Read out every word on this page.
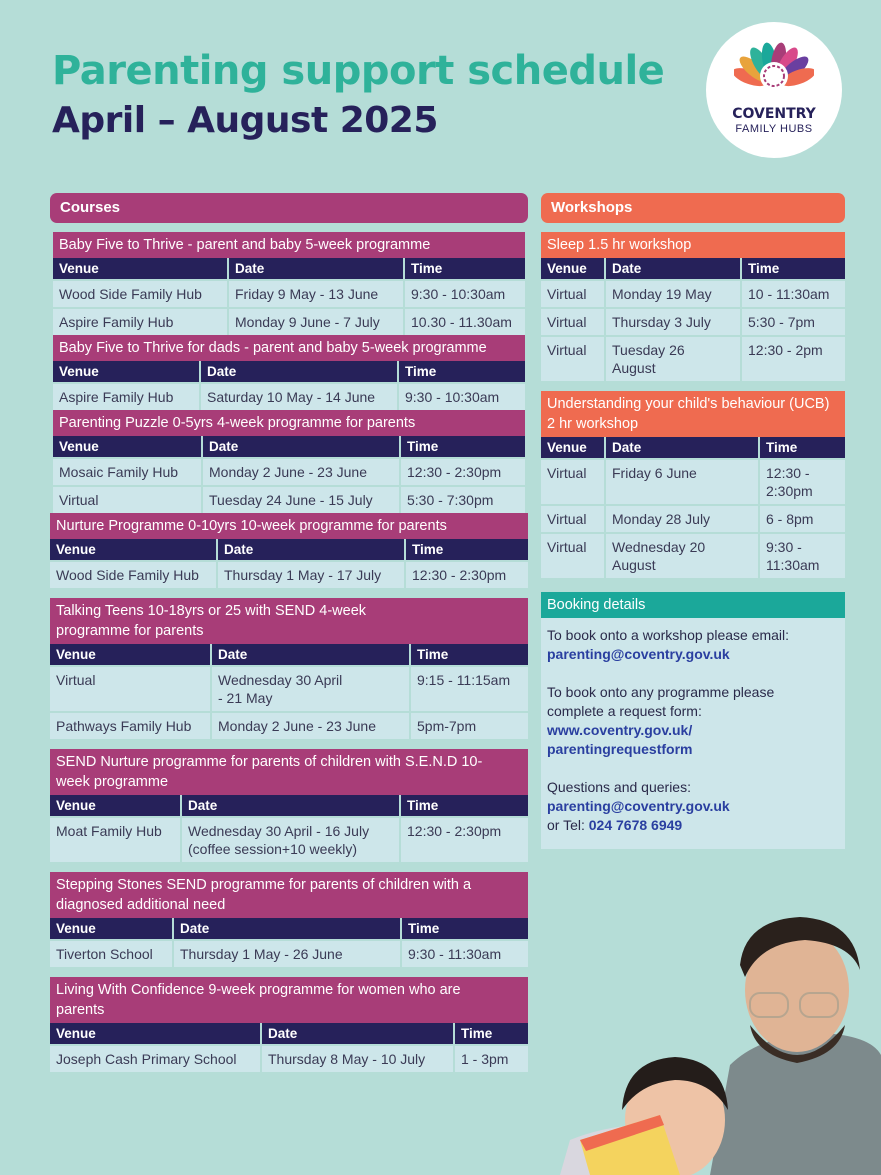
Parenting support schedule
April – August 2025	COVENTRY
FAMILY HUBS
Courses
Baby Five to Thrive - parent and baby 5-week programme
Venue	Date	Time
Wood Side Family Hub	Friday 9 May - 13 June	9:30 - 10:30am
Aspire Family Hub	Monday 9 June - 7 July	10.30 - 11.30am
Baby Five to Thrive for dads - parent and baby 5-week programme
Venue	Date	Time
Aspire Family Hub	Saturday 10 May - 14 June	9:30 - 10:30am
Parenting Puzzle 0-5yrs 4-week programme for parents
Venue	Date	Time
Mosaic Family Hub	Monday 2 June - 23 June	12:30 - 2:30pm
Virtual	Tuesday 24 June - 15 July	5:30 - 7:30pm
Nurture Programme 0-10yrs 10-week programme for parents
Venue	Date	Time
Wood Side Family Hub	Thursday 1 May - 17 July	12:30 - 2:30pm
Talking Teens 10-18yrs or 25 with SEND 4-week programme for parents
Venue	Date	Time
Virtual	Wednesday 30 April - 21 May	9:15 - 11:15am
Pathways Family Hub	Monday 2 June - 23 June	5pm-7pm
SEND Nurture programme for parents of children with S.E.N.D 10-week programme
Venue	Date	Time
Moat Family Hub	Wednesday 30 April - 16 July (coffee session+10 weekly)	12:30 - 2:30pm
Stepping Stones SEND programme for parents of children with a diagnosed additional need
Venue	Date	Time
Tiverton School	Thursday 1 May - 26 June	9:30 - 11:30am
Living With Confidence 9-week programme for women who are parents
Venue	Date	Time
Joseph Cash Primary School	Thursday 8 May - 10 July	1 - 3pm
Workshops
Sleep 1.5 hr workshop
Venue	Date	Time
Virtual	Monday 19 May	10 - 11:30am
Virtual	Thursday 3 July	5:30 - 7pm
Virtual	Tuesday 26 August	12:30 - 2pm
Understanding your child's behaviour (UCB) 2 hr workshop
Venue	Date	Time
Virtual	Friday 6 June	12:30 - 2:30pm
Virtual	Monday 28 July	6 - 8pm
Virtual	Wednesday 20 August	9:30 - 11:30am
Booking details

To book onto a workshop please email:
parenting@coventry.gov.uk

To book onto any programme please complete a request form:
www.coventry.gov.uk/
parentingrequestform

Questions and queries:
parenting@coventry.gov.uk
or Tel: 024 7678 6949
